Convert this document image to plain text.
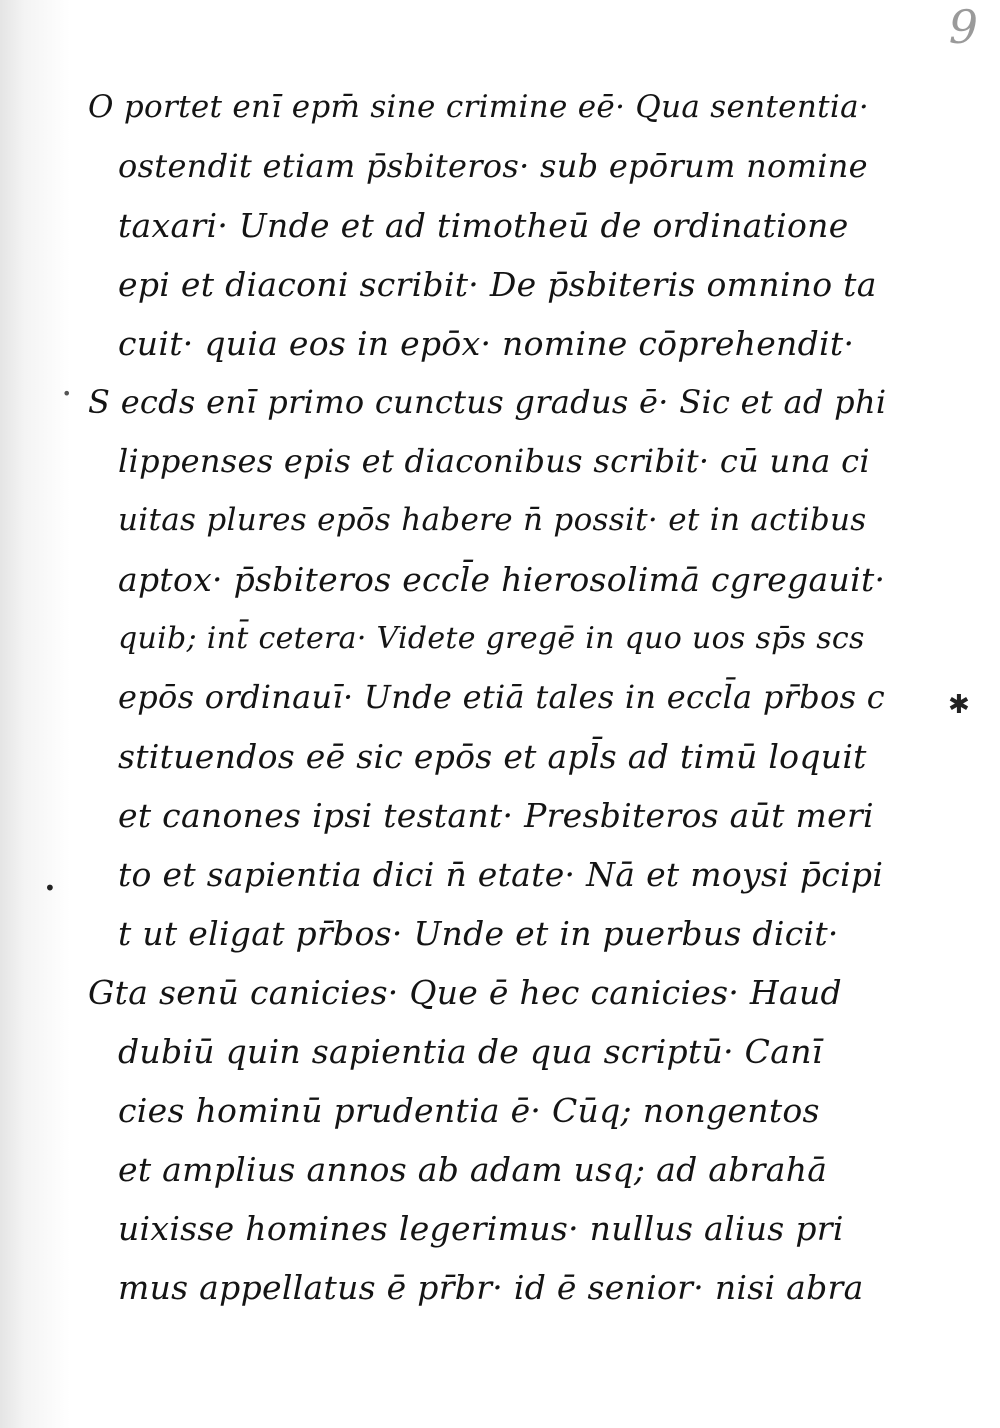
9
O portet enī epm̄ sine crimine eē· Qua sententia·
ostendit etiam p̄sbiteros· sub epōrum nomine
taxari· Unde et ad timotheū de ordinatione
epi et diaconi scribit· De p̄sbiteris omnino ta
cuit· quia eos in epōx· nomine cōprehendit·
S ecds enī primo cunctus gradus ē· Sic et ad phi
lippenses epis et diaconibus scribit· cū una ci
uitas plures epōs habere n̄ possit· et in actibus
aptox· p̄sbiteros eccl̄e hierosolimā cgregauit·
quib; int̄ cetera· Videte gregē in quo uos sp̄s scs
epōs ordinauī· Unde etiā tales in eccl̄a pr̄bos c
stituendos eē sic epōs et apl̄s ad timū loquit
et canones ipsi testant· Presbiteros aūt meri
to et sapientia dici n̄ etate· Nā et moysi p̄cipi
t ut eligat pr̄bos· Unde et in puerbus dicit·
Gta senū canicies· Que ē hec canicies· Haud
dubiū quin sapientia de qua scriptū· Canī
cies hominū prudentia ē· Cūq; nongentos
et amplius annos ab adam usq; ad abrahā
uixisse homines legerimus· nullus alius pri
mus appellatus ē pr̄br· id ē senior· nisi abra
•
•
✱
